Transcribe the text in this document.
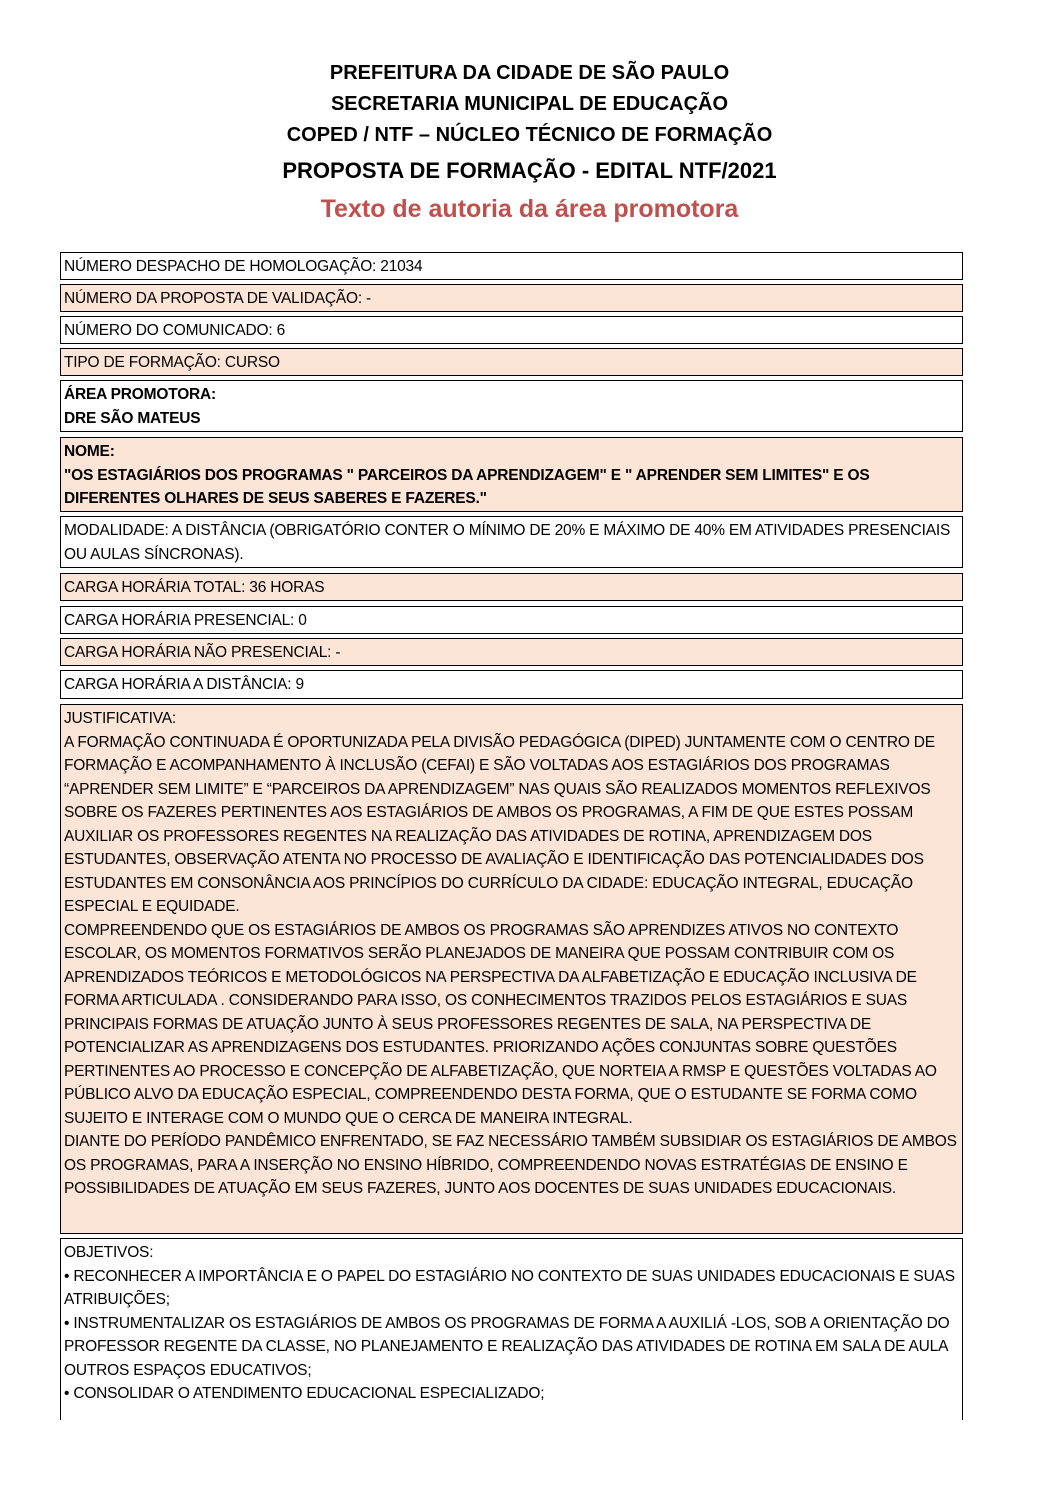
PREFEITURA DA CIDADE DE SÃO PAULO
SECRETARIA MUNICIPAL DE EDUCAÇÃO
COPED / NTF – NÚCLEO TÉCNICO DE FORMAÇÃO
PROPOSTA DE FORMAÇÃO - EDITAL NTF/2021
Texto de autoria da área promotora
NÚMERO DESPACHO DE HOMOLOGAÇÃO: 21034
NÚMERO DA PROPOSTA DE VALIDAÇÃO: -
NÚMERO DO COMUNICADO: 6
TIPO DE FORMAÇÃO: CURSO

ÁREA PROMOTORA:

DRE SÃO MATEUS

NOME:

"OS ESTAGIÁRIOS DOS PROGRAMAS " PARCEIROS DA APRENDIZAGEM" E " APRENDER SEM LIMITES" E OS DIFERENTES OLHARES DE SEUS SABERES E FAZERES."

MODALIDADE: A DISTÂNCIA (OBRIGATÓRIO CONTER O MÍNIMO DE 20% E MÁXIMO DE 40% EM ATIVIDADES PRESENCIAIS OU AULAS SÍNCRONAS).
CARGA HORÁRIA TOTAL: 36 HORAS
CARGA HORÁRIA PRESENCIAL: 0
CARGA HORÁRIA NÃO PRESENCIAL: -
CARGA HORÁRIA A DISTÂNCIA: 9

JUSTIFICATIVA:

A FORMAÇÃO CONTINUADA É OPORTUNIZADA PELA DIVISÃO PEDAGÓGICA (DIPED) JUNTAMENTE COM O CENTRO DE FORMAÇÃO E ACOMPANHAMENTO À INCLUSÃO (CEFAI) E SÃO VOLTADAS AOS ESTAGIÁRIOS DOS PROGRAMAS “APRENDER SEM LIMITE” E “PARCEIROS DA APRENDIZAGEM” NAS QUAIS SÃO REALIZADOS MOMENTOS REFLEXIVOS SOBRE OS FAZERES PERTINENTES AOS ESTAGIÁRIOS DE AMBOS OS PROGRAMAS, A FIM DE QUE ESTES POSSAM AUXILIAR OS PROFESSORES REGENTES NA REALIZAÇÃO DAS ATIVIDADES DE ROTINA, APRENDIZAGEM DOS ESTUDANTES, OBSERVAÇÃO ATENTA NO PROCESSO DE AVALIAÇÃO E IDENTIFICAÇÃO DAS POTENCIALIDADES DOS ESTUDANTES EM CONSONÂNCIA AOS PRINCÍPIOS DO CURRÍCULO DA CIDADE: EDUCAÇÃO INTEGRAL, EDUCAÇÃO ESPECIAL E EQUIDADE.

COMPREENDENDO QUE OS ESTAGIÁRIOS DE AMBOS OS PROGRAMAS SÃO APRENDIZES ATIVOS NO CONTEXTO ESCOLAR, OS MOMENTOS FORMATIVOS SERÃO PLANEJADOS DE MANEIRA QUE POSSAM CONTRIBUIR COM OS APRENDIZADOS TEÓRICOS E METODOLÓGICOS NA PERSPECTIVA DA ALFABETIZAÇÃO E EDUCAÇÃO INCLUSIVA DE FORMA ARTICULADA . CONSIDERANDO PARA ISSO, OS CONHECIMENTOS TRAZIDOS PELOS ESTAGIÁRIOS E SUAS PRINCIPAIS FORMAS DE ATUAÇÃO JUNTO À SEUS PROFESSORES REGENTES DE SALA, NA PERSPECTIVA DE POTENCIALIZAR AS APRENDIZAGENS DOS ESTUDANTES. PRIORIZANDO AÇÕES CONJUNTAS SOBRE QUESTÕES PERTINENTES AO PROCESSO E CONCEPÇÃO DE ALFABETIZAÇÃO, QUE NORTEIA A RMSP E QUESTÕES VOLTADAS AO PÚBLICO ALVO DA EDUCAÇÃO ESPECIAL, COMPREENDENDO DESTA FORMA, QUE O ESTUDANTE SE FORMA COMO SUJEITO E INTERAGE COM O MUNDO QUE O CERCA DE MANEIRA INTEGRAL.

DIANTE DO PERÍODO PANDÊMICO ENFRENTADO, SE FAZ NECESSÁRIO TAMBÉM SUBSIDIAR OS ESTAGIÁRIOS DE AMBOS OS PROGRAMAS, PARA A INSERÇÃO NO ENSINO HÍBRIDO, COMPREENDENDO NOVAS ESTRATÉGIAS DE ENSINO E POSSIBILIDADES DE ATUAÇÃO EM SEUS FAZERES, JUNTO AOS DOCENTES DE SUAS UNIDADES EDUCACIONAIS.

OBJETIVOS:

• RECONHECER A IMPORTÂNCIA E O PAPEL DO ESTAGIÁRIO NO CONTEXTO DE SUAS UNIDADES EDUCACIONAIS E SUAS ATRIBUIÇÕES;

• INSTRUMENTALIZAR OS ESTAGIÁRIOS DE AMBOS OS PROGRAMAS DE FORMA A AUXILIÁ -LOS, SOB A ORIENTAÇÃO DO PROFESSOR REGENTE DA CLASSE, NO PLANEJAMENTO E REALIZAÇÃO DAS ATIVIDADES DE ROTINA EM SALA DE AULA OUTROS ESPAÇOS EDUCATIVOS;

• CONSOLIDAR O ATENDIMENTO EDUCACIONAL ESPECIALIZADO;
